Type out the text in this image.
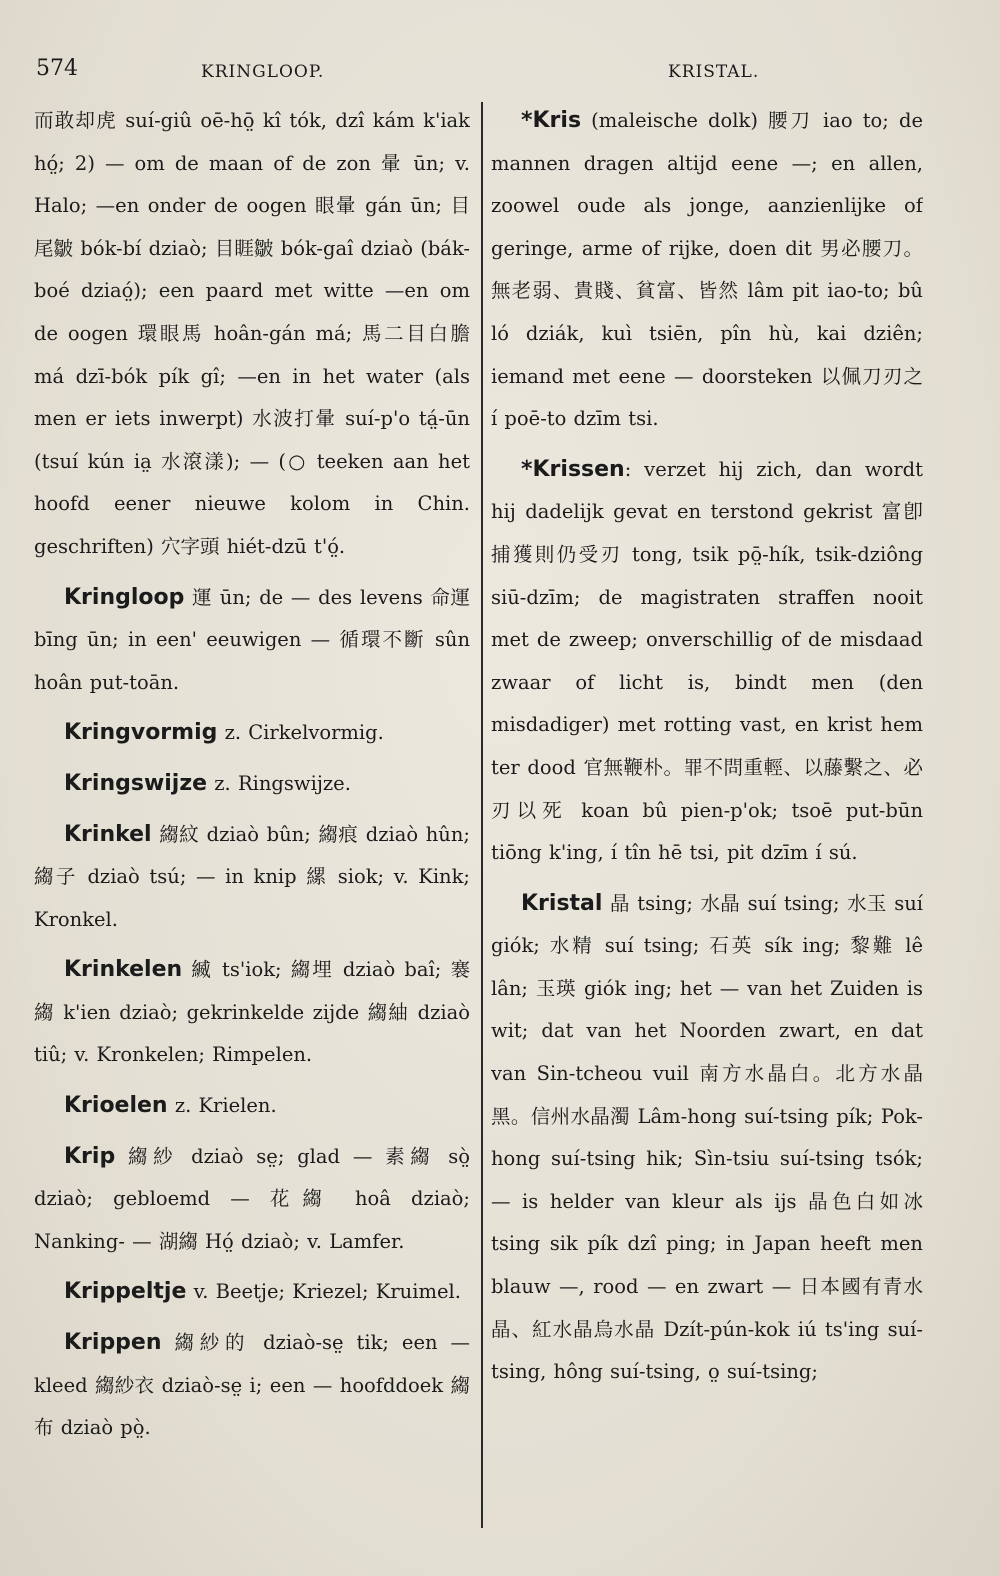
574	KRINGLOOP.	KRISTAL.

而敢却虎 suí-giû oē-hō̤ kî tók, dzî kám k'iak hó̤; 2) — om de maan of de zon 暈 ūn; v. Halo; —en onder de oogen 眼暈 gán ūn; 目尾皺 bók-bí dziaò; 目睚皺 bók-gaî dziaò (bák-boé dziaó̤); een paard met witte —en om de oogen 環眼馬 hoân-gán má; 馬二目白膽 má dzī-bók pík gî; —en in het water (als men er iets inwerpt) 水波打暈 suí-p'o tá̤-ūn (tsuí kún ia̤ 水滾漾); — (○ teeken aan het hoofd eener nieuwe kolom in Chin. geschriften) 穴字頭 hiét-dzū t'ó̤.

Kringloop 運 ūn; de — des levens 命運 bīng ūn; in een' eeuwigen — 循環不斷 sûn hoân put-toān.

Kringvormig z. Cirkelvormig.

Kringswijze z. Ringswijze.

Krinkel 縐紋 dziaò bûn; 縐痕 dziaò hûn; 縐子 dziaò tsú; — in knip 縲 siok; v. Kink; Kronkel.

Krinkelen 縅 ts'iok; 縐埋 dziaò baî; 褰縐 k'ien dziaò; gekrinkelde zijde 縐紬 dziaò tiû; v. Kronkelen; Rimpelen.

Krioelen z. Krielen.

Krip 縐紗 dziaò se̤; glad — 素縐 sò̤ dziaò; gebloemd — 花縐 hoâ dziaò; Nanking- — 湖縐 Hó̤ dziaò; v. Lamfer.

Krippeltje v. Beetje; Kriezel; Kruimel.

Krippen 縐紗的 dziaò-se̤ tik; een — kleed 縐紗衣 dziaò-se̤ i; een — hoofddoek 縐布 dziaò pò̤.

*Kris (maleische dolk) 腰刀 iao to; de mannen dragen altijd eene —; en allen, zoowel oude als jonge, aanzienlijke of geringe, arme of rijke, doen dit 男必腰刀。無老弱、貴賤、貧富、皆然 lâm pit iao-to; bû ló dziák, kuì tsiēn, pîn hù, kai dziên; iemand met eene — doorsteken 以佩刀刃之 í poē-to dzīm tsi.

*Krissen: verzet hij zich, dan wordt hij dadelijk gevat en terstond gekrist 富卽捕獲則仍受刃 tong, tsik pō̤-hík, tsik-dziông siū-dzīm; de magistraten straffen nooit met de zweep; onverschillig of de misdaad zwaar of licht is, bindt men (den misdadiger) met rotting vast, en krist hem ter dood 官無鞭朴。罪不問重輕、以藤繫之、必刃以死 koan bû pien-p'ok; tsoē put-būn tiōng k'ing, í tîn hē tsi, pit dzīm í sú.

Kristal 晶 tsing; 水晶 suí tsing; 水玉 suí giók; 水精 suí tsing; 石英 sík ing; 黎難 lê lân; 玉瑛 giók ing; het — van het Zuiden is wit; dat van het Noorden zwart, en dat van Sin-tcheou vuil 南方水晶白。北方水晶黑。信州水晶濁 Lâm-hong suí-tsing pík; Pok-hong suí-tsing hik; Sìn-tsiu suí-tsing tsók; — is helder van kleur als ijs 晶色白如冰 tsing sik pík dzî ping; in Japan heeft men blauw —, rood — en zwart — 日本國有青水晶、紅水晶烏水晶 Dzít-pún-kok iú ts'ing suí-tsing, hông suí-tsing, o̤ suí-tsing;
